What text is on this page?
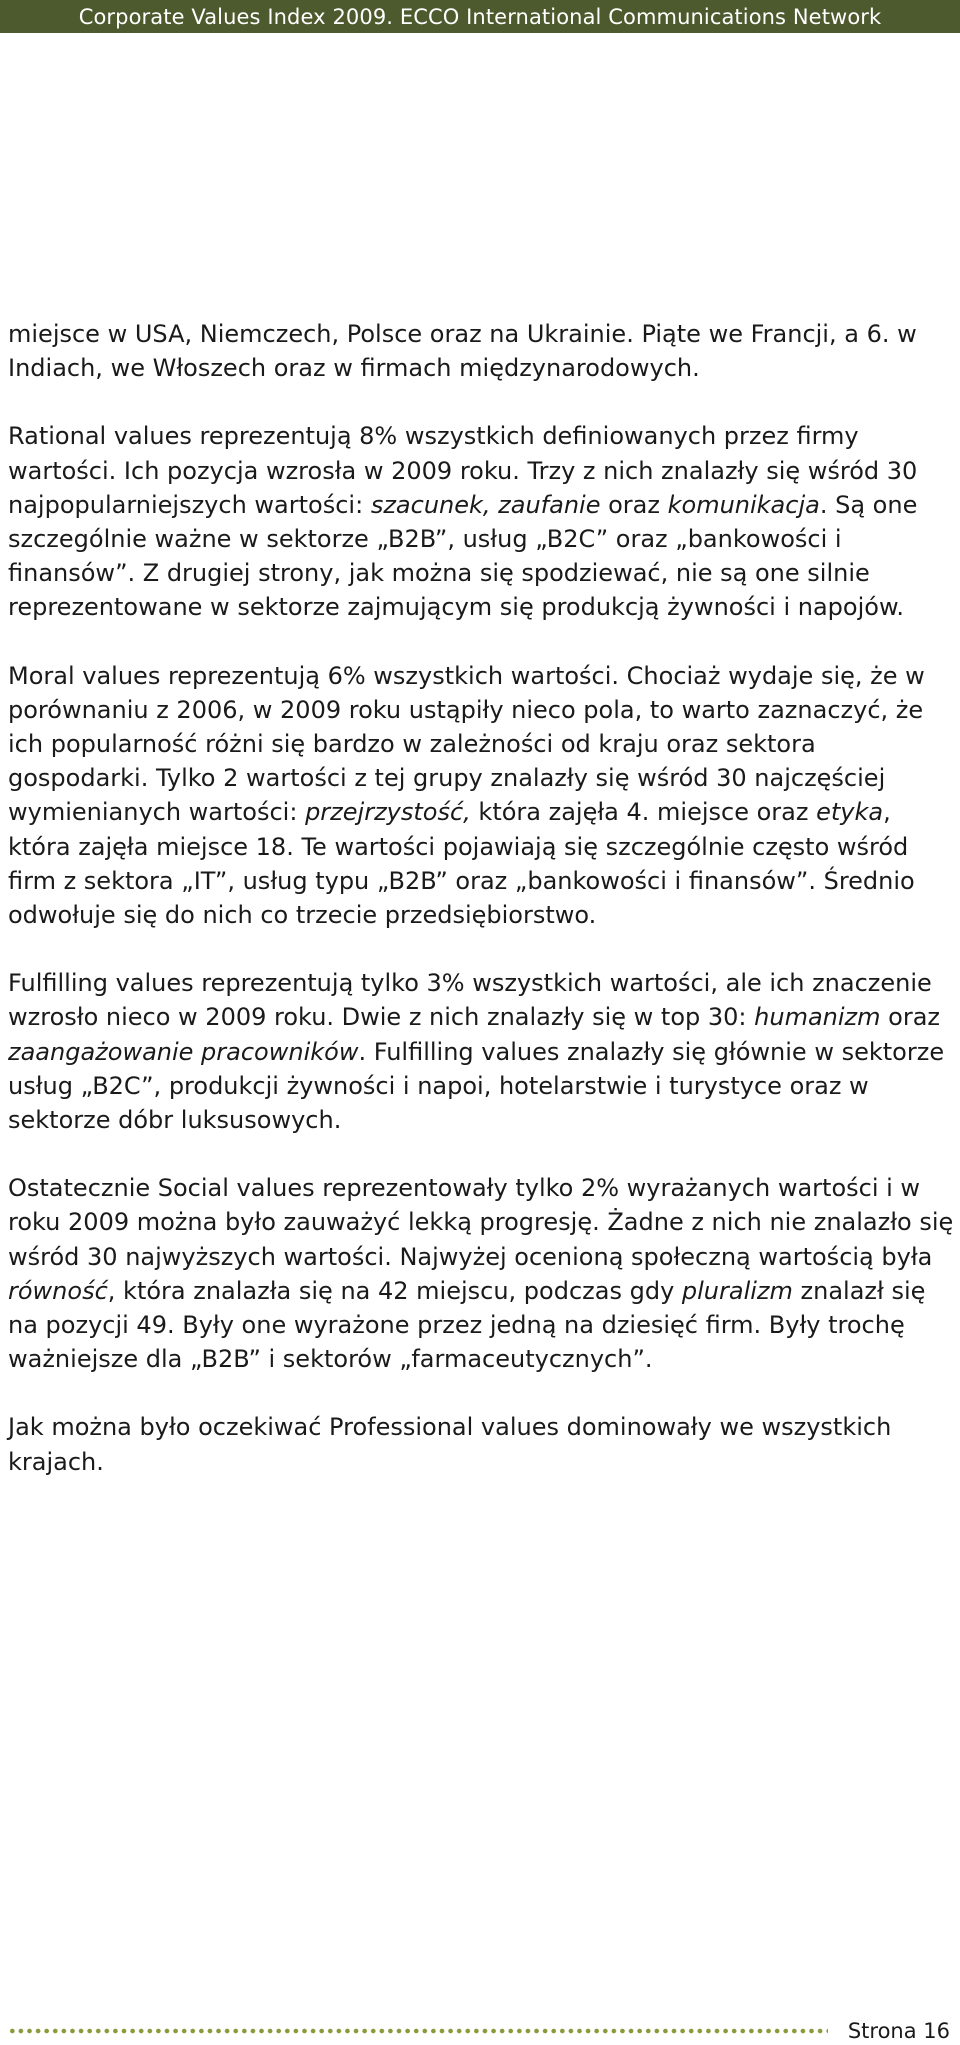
Corporate Values Index 2009. ECCO International Communications Network

miejsce w USA, Niemczech, Polsce oraz na Ukrainie. Piąte we Francji, a 6. w Indiach, we Włoszech oraz w firmach międzynarodowych.

Rational values reprezentują 8% wszystkich definiowanych przez firmy wartości. Ich pozycja wzrosła w 2009 roku. Trzy z nich znalazły się wśród 30 najpopularniejszych wartości: szacunek, zaufanie oraz komunikacja. Są one szczególnie ważne w sektorze „B2B”, usług „B2C” oraz „bankowości i finansów”. Z drugiej strony, jak można się spodziewać, nie są one silnie reprezentowane w sektorze zajmującym się produkcją żywności i napojów.

Moral values reprezentują 6% wszystkich wartości. Chociaż wydaje się, że w porównaniu z 2006, w 2009 roku ustąpiły nieco pola, to warto zaznaczyć, że ich popularność różni się bardzo w zależności od kraju oraz sektora gospodarki. Tylko 2 wartości z tej grupy znalazły się wśród 30 najczęściej wymienianych wartości: przejrzystość, która zajęła 4. miejsce oraz etyka, która zajęła miejsce 18. Te wartości pojawiają się szczególnie często wśród firm z sektora „IT”, usług typu „B2B” oraz „bankowości i finansów”. Średnio odwołuje się do nich co trzecie przedsiębiorstwo.

Fulfilling values reprezentują tylko 3% wszystkich wartości, ale ich znaczenie wzrosło nieco w 2009 roku. Dwie z nich znalazły się w top 30: humanizm oraz zaangażowanie pracowników. Fulfilling values znalazły się głównie w sektorze usług „B2C”, produkcji żywności i napoi, hotelarstwie i turystyce oraz w sektorze dóbr luksusowych.

Ostatecznie Social values reprezentowały tylko 2% wyrażanych wartości i w roku 2009 można było zauważyć lekką progresję. Żadne z nich nie znalazło się wśród 30 najwyższych wartości. Najwyżej ocenioną społeczną wartością była równość, która znalazła się na 42 miejscu, podczas gdy pluralizm znalazł się na pozycji 49. Były one wyrażone przez jedną na dziesięć firm. Były trochę ważniejsze dla „B2B” i sektorów „farmaceutycznych”.

Jak można było oczekiwać Professional values dominowały we wszystkich krajach.

Strona 16
